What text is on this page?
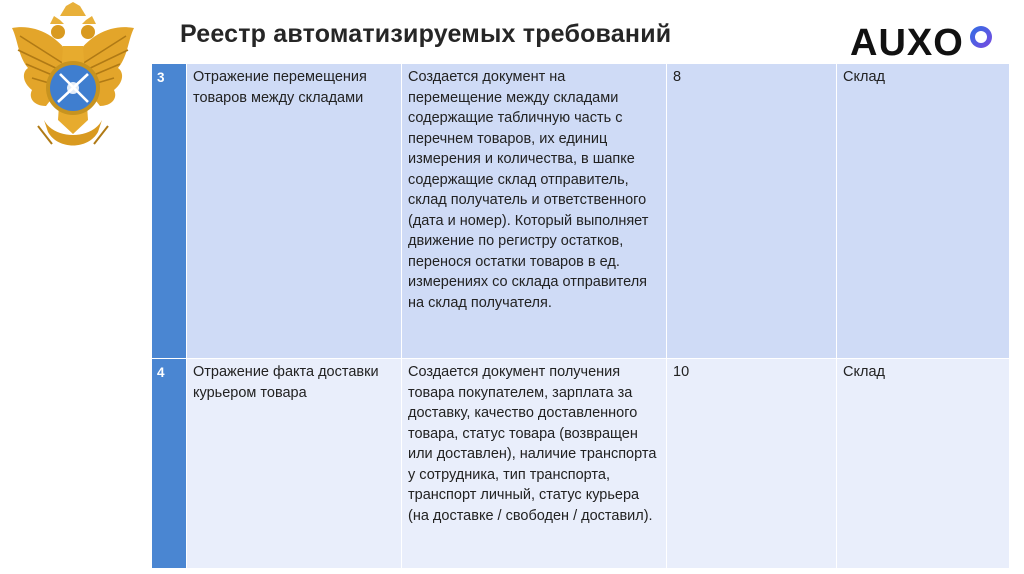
Реестр автоматизируемых требований	AUXO
3	Отражение перемещения товаров между складами	Создается документ на перемещение между складами содержащие табличную часть с перечнем товаров, их единиц измерения и количества, в шапке содержащие склад отправитель, склад получатель и ответственного (дата и номер). Который выполняет движение по регистру остатков, перенося остатки товаров в ед. измерениях со склада отправителя на склад получателя.	8	Склад
4	Отражение факта доставки курьером товара	Создается документ получения товара покупателем, зарплата за доставку, качество доставленного товара, статус товара (возвращен или доставлен), наличие транспорта у сотрудника, тип транспорта, транспорт личный, статус курьера (на доставке / свободен / доставил).	10	Склад
